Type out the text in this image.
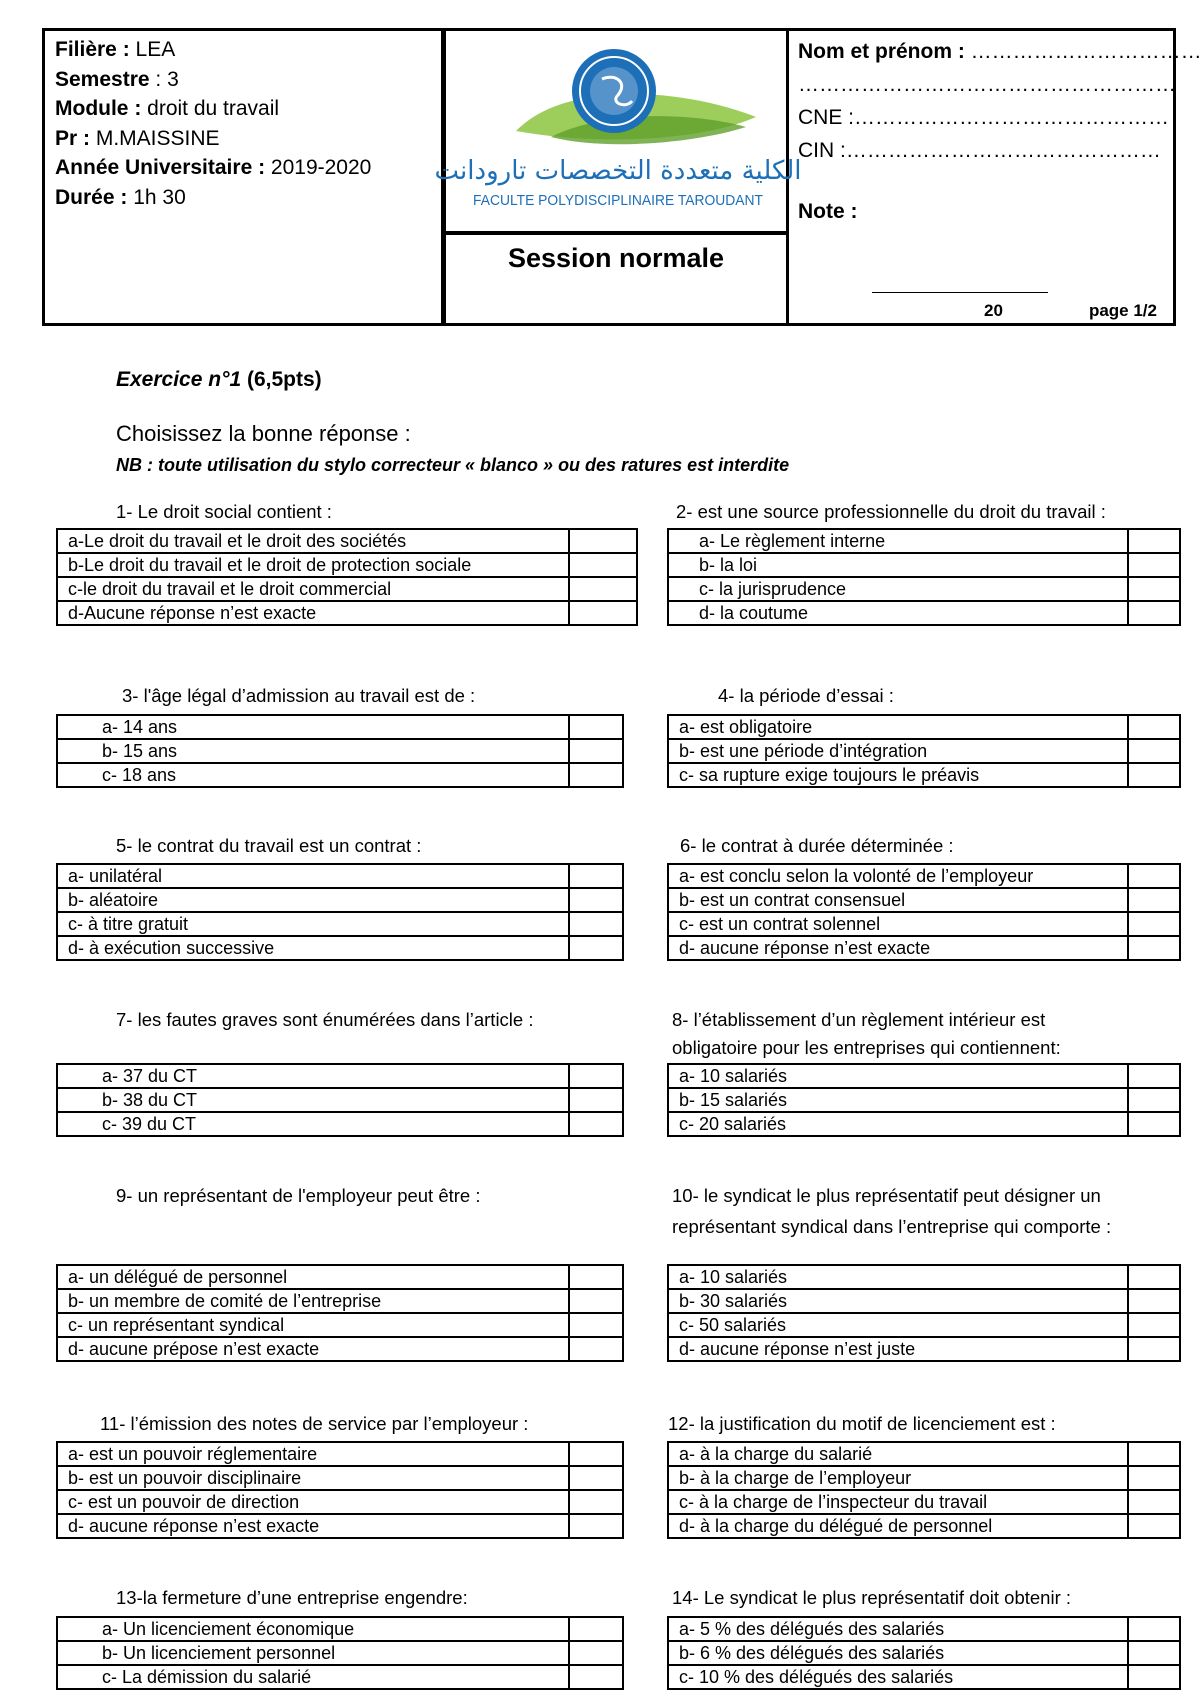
Filière : LEA
Semestre : 3
Module : droit du travail
Pr : M.MAISSINE
Année Universitaire : 2019-2020
Durée : 1h 30
الكلية متعددة التخصصات تارودانت
FACULTE POLYDISCIPLINAIRE TAROUDANT
Session normale
Nom et prénom : ……………………………
………………………………………………
CNE :………………………………………
CIN :………………………………………
Note :
20	page 1/2
Exercice n°1 (6,5pts)
Choisissez la bonne réponse :
NB : toute utilisation du stylo correcteur « blanco » ou des ratures est interdite
1- Le droit social contient :
a-Le droit du travail et le droit des sociétés	
b-Le droit du travail et le droit de protection sociale	
c-le droit du travail et le droit commercial	
d-Aucune réponse n’est exacte	
2- est une source professionnelle du droit du travail :
a- Le règlement interne	
b- la loi	
c- la jurisprudence	
d- la coutume	
3- l'âge légal d’admission au travail est de :
a- 14 ans	
b- 15 ans	
c- 18 ans	
4- la période d’essai :
a- est obligatoire	
b- est une période d’intégration	
c- sa rupture exige toujours le préavis	
5- le contrat du travail est un contrat :
a- unilatéral	
b- aléatoire	
c- à titre gratuit	
d- à exécution successive	
6- le contrat à durée déterminée :
a- est conclu selon la volonté de l’employeur	
b- est un contrat consensuel	
c- est un contrat solennel	
d- aucune réponse n’est exacte	
7- les fautes graves sont énumérées dans l’article :
a- 37 du CT	
b- 38 du CT	
c- 39 du CT	
8- l’établissement d’un règlement intérieur est
obligatoire pour les entreprises qui contiennent:
a- 10 salariés	
b- 15 salariés	
c- 20 salariés	
9- un représentant de l'employeur peut être :
a- un délégué de personnel	
b- un membre de comité de l’entreprise	
c- un représentant syndical	
d- aucune prépose n’est exacte	
10- le syndicat le plus représentatif peut désigner un
représentant syndical dans l’entreprise qui comporte :
a- 10 salariés	
b- 30 salariés	
c- 50 salariés	
d- aucune réponse n’est juste	
11- l’émission des notes de service par l’employeur :
a- est un pouvoir réglementaire	
b- est un pouvoir disciplinaire	
c- est un pouvoir de direction	
d- aucune réponse n’est exacte	
12- la justification du motif de licenciement est :
a- à la charge du salarié	
b- à la charge de l’employeur	
c- à la charge de l’inspecteur du travail	
d- à la charge du délégué de personnel	
13-la fermeture d’une entreprise engendre:
a- Un licenciement économique	
b- Un licenciement personnel	
c- La démission du salarié	
14- Le syndicat le plus représentatif doit obtenir :
a- 5 % des délégués des salariés	
b- 6 % des délégués des salariés	
c- 10 % des délégués des salariés	
